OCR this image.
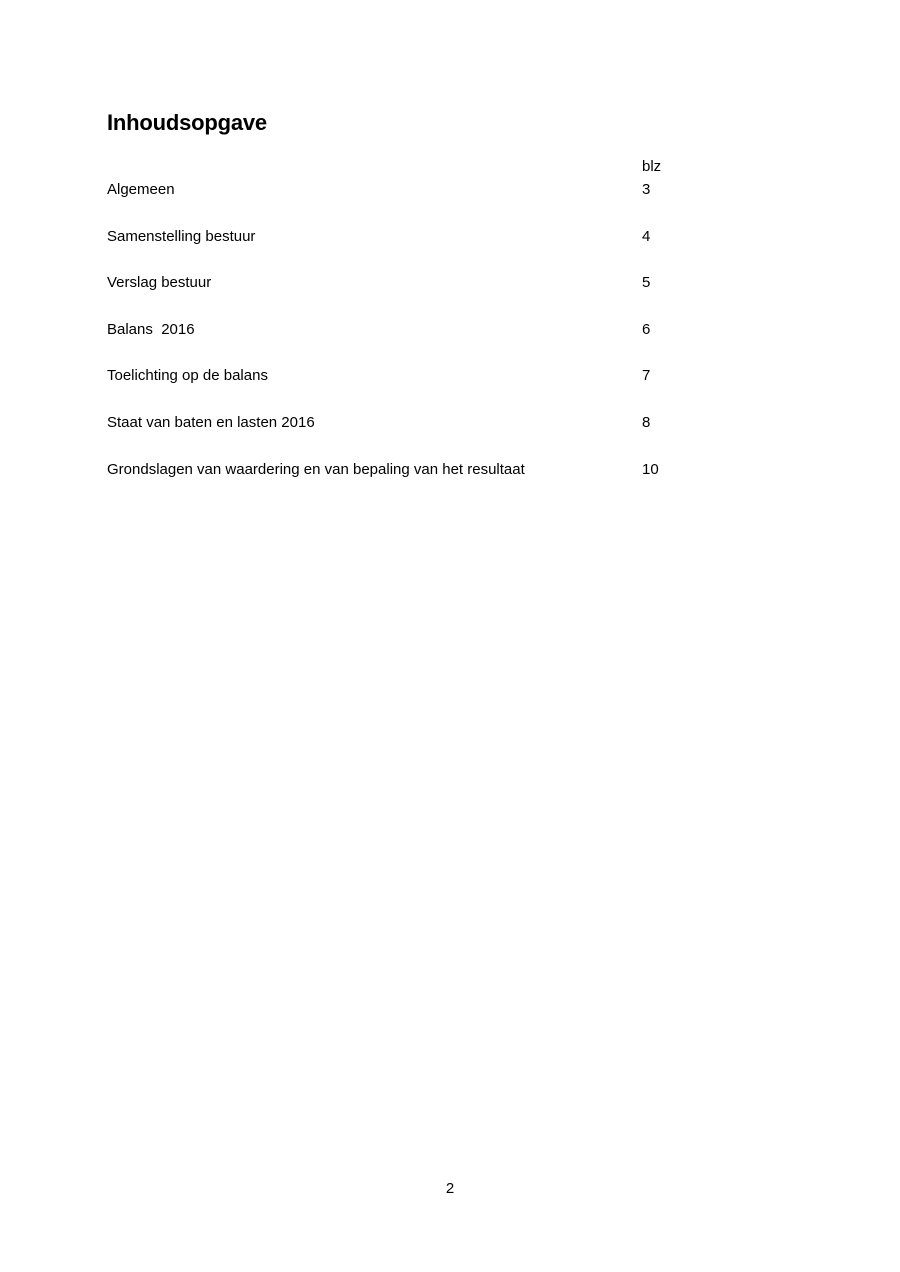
Inhoudsopgave
blz
Algemeen	3
Samenstelling bestuur	4
Verslag bestuur	5
Balans  2016	6
Toelichting op de balans	7
Staat van baten en lasten 2016	8
Grondslagen van waardering en van bepaling van het resultaat	10
2
